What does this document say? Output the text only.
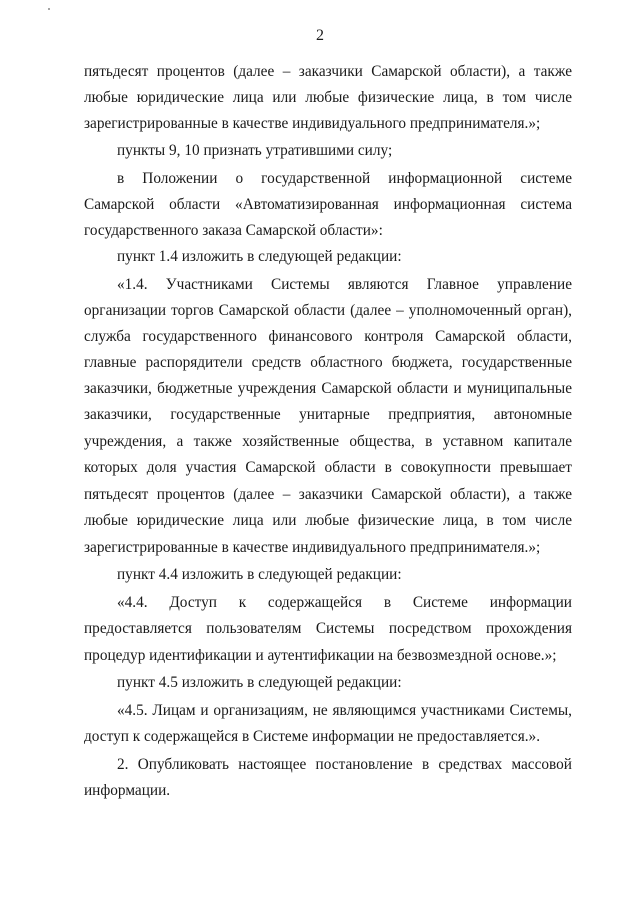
2
пятьдесят процентов (далее – заказчики Самарской области), а также
любые юридические лица или любые физические лица, в том числе
зарегистрированные в качестве индивидуального предпринимателя.»;
пункты 9, 10 признать утратившими силу;
в Положении о государственной информационной системе
Самарской области «Автоматизированная информационная система
государственного заказа Самарской области»:
пункт 1.4 изложить в следующей редакции:
«1.4. Участниками Системы являются Главное управление
организации торгов Самарской области (далее – уполномоченный орган),
служба государственного финансового контроля Самарской области,
главные распорядители средств областного бюджета, государственные
заказчики, бюджетные учреждения Самарской области и муниципальные
заказчики, государственные унитарные предприятия, автономные
учреждения, а также хозяйственные общества, в уставном капитале
которых доля участия Самарской области в совокупности превышает
пятьдесят процентов (далее – заказчики Самарской области), а также
любые юридические лица или любые физические лица, в том числе
зарегистрированные в качестве индивидуального предпринимателя.»;
пункт 4.4 изложить в следующей редакции:
«4.4. Доступ к содержащейся в Системе информации
предоставляется пользователям Системы посредством прохождения
процедур идентификации и аутентификации на безвозмездной основе.»;
пункт 4.5 изложить в следующей редакции:
«4.5. Лицам и организациям, не являющимся участниками Системы,
доступ к содержащейся в Системе информации не предоставляется.».
2. Опубликовать настоящее постановление в средствах массовой
информации.
